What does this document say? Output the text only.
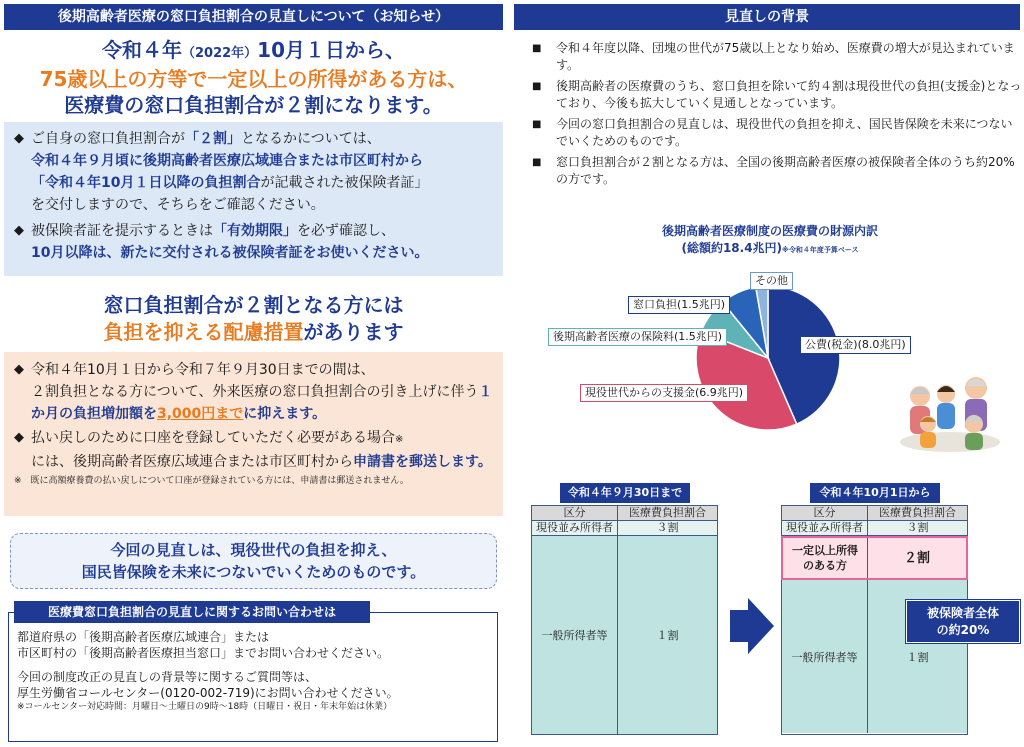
後期高齢者医療の窓口負担割合の見直しについて（お知らせ）
令和４年（2022年）10月１日から、
75歳以上の方等で一定以上の所得がある方は、
医療費の窓口負担割合が２割になります。
◆ ご自身の窓口負担割合が「２割」となるかについては、
令和４年９月頃に後期高齢者医療広域連合または市区町村から
「令和４年10月１日以降の負担割合が記載された被保険者証」
を交付しますので、そちらをご確認ください。
◆ 被保険者証を提示するときは「有効期限」を必ず確認し、
10月以降は、新たに交付される被保険者証をお使いください。
窓口負担割合が２割となる方には
負担を抑える配慮措置があります
◆ 令和４年10月１日から令和７年９月30日までの間は、
２割負担となる方について、外来医療の窓口負担割合の引き上げに伴う１か月の負担増加額を3,000円までに抑えます。
◆ 払い戻しのために口座を登録していただく必要がある場合※
には、後期高齢者医療広域連合または市区町村から申請書を郵送します。
※　既に高額療養費の払い戻しについて口座が登録されている方には、申請書は郵送されません。
今回の見直しは、現役世代の負担を抑え、
国民皆保険を未来につないでいくためのものです。
都道府県の「後期高齢者医療広域連合」または
市区町村の「後期高齢者医療担当窓口」までお問い合わせください。
今回の制度改正の見直しの背景等に関するご質問等は、
厚生労働省コールセンター(0120-002-719)にお問い合わせください。
※コールセンター対応時間：月曜日～土曜日の9時～18時（日曜日・祝日・年末年始は休業）
医療費窓口負担割合の見直しに関するお問い合わせは
見直しの背景
■	令和４年度以降、団塊の世代が75歳以上となり始め、医療費の増大が見込まれています。
■	後期高齢者の医療費のうち、窓口負担を除いて約４割は現役世代の負担(支援金)となっており、今後も拡大していく見通しとなっています。
■	今回の窓口負担割合の見直しは、現役世代の負担を抑え、国民皆保険を未来につないでいくためのものです。
■	窓口負担割合が２割となる方は、全国の後期高齢者医療の被保険者全体のうち約20%の方です。
後期高齢者医療制度の医療費の財源内訳
(総額約18.4兆円)※令和４年度予算ベース
公費(税金)(8.0兆円)
現役世代からの支援金(6.9兆円)
後期高齢者医療の保険料(1.5兆円)
窓口負担(1.5兆円)
その他
令和４年９月30日まで
区分	医療費負担割合
現役並み所得者	３割
一般所得者等	１割
令和４年10月1日から
区分	医療費負担割合
現役並み所得者	３割
一定以上所得
のある方	２割
一般所得者等	１割
被保険者全体
の約20%
